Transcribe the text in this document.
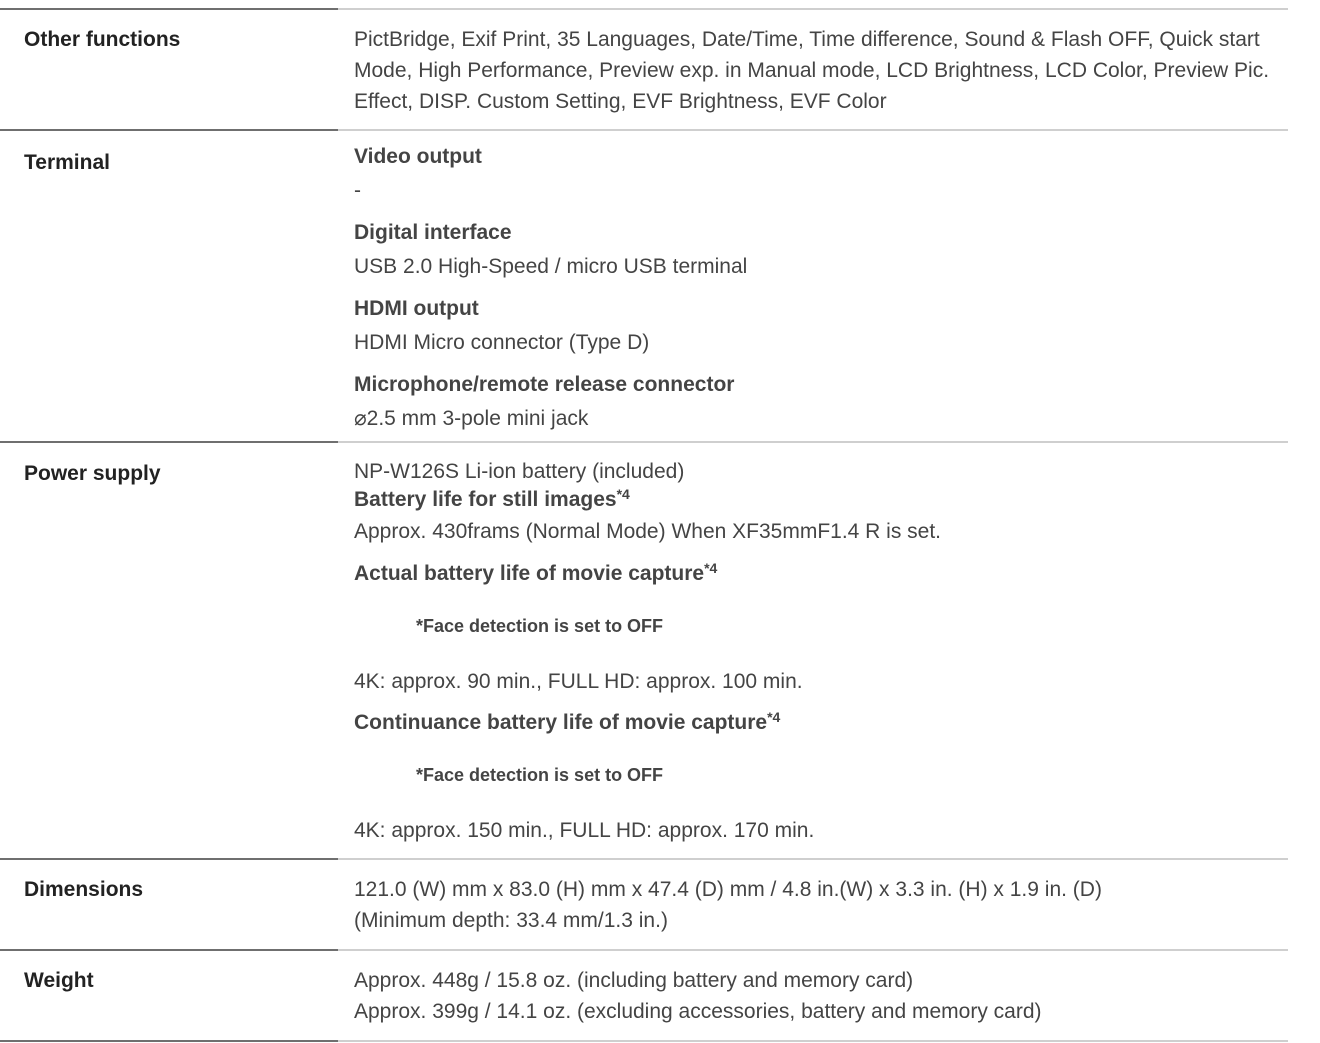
Other functions	PictBridge, Exif Print, 35 Languages, Date/Time, Time difference, Sound & Flash OFF, Quick start Mode, High Performance, Preview exp. in Manual mode, LCD Brightness, LCD Color, Preview Pic. Effect, DISP. Custom Setting, EVF Brightness, EVF Color

Terminal	Video output

-

Digital interface

USB 2.0 High-Speed / micro USB terminal

HDMI output

HDMI Micro connector (Type D)

Microphone/remote release connector

⌀2.5 mm 3-pole mini jack

Power supply	NP-W126S Li-ion battery (included)

Battery life for still images$^{*4}$

Approx. 430frams (Normal Mode) When XF35mmF1.4 R is set.

Actual battery life of movie capture$^{*4}$

*Face detection is set to OFF

4K: approx. 90 min., FULL HD: approx. 100 min.

Continuance battery life of movie capture$^{*4}$

*Face detection is set to OFF

4K: approx. 150 min., FULL HD: approx. 170 min.

Dimensions	121.0 (W) mm x 83.0 (H) mm x 47.4 (D) mm / 4.8 in.(W) x 3.3 in. (H) x 1.9 in. (D)

(Minimum depth: 33.4 mm/1.3 in.)

Weight	Approx. 448g / 15.8 oz. (including battery and memory card)

Approx. 399g / 14.1 oz. (excluding accessories, battery and memory card)
